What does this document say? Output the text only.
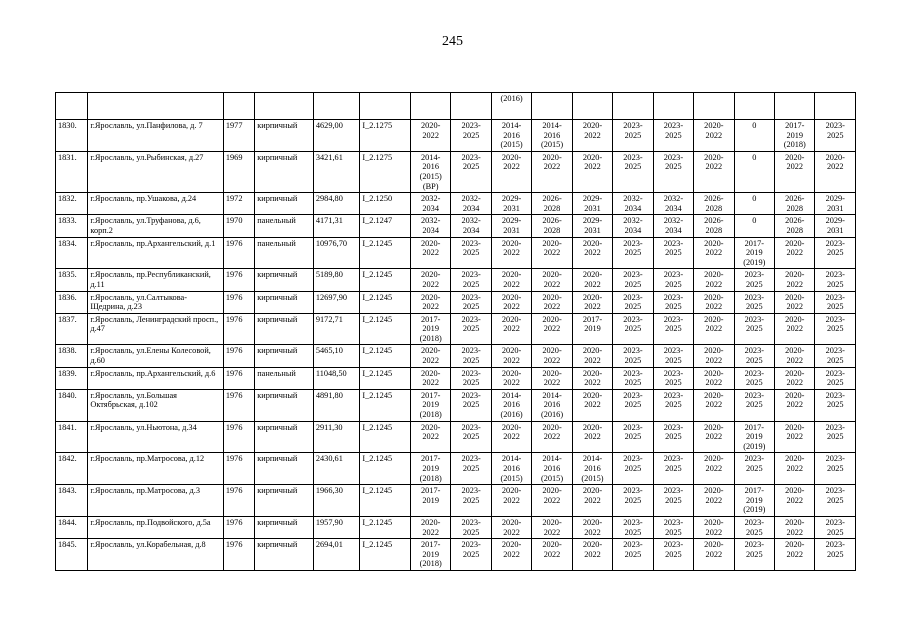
245
								(2016)								
1830.	г.Ярославль, ул.Панфилова, д. 7	1977	кирпичный	4629,00	I_2.1275	2020-
2022	2023-
2025	2014-
2016
(2015)	2014-
2016
(2015)	2020-
2022	2023-
2025	2023-
2025	2020-
2022	0	2017-
2019
(2018)	2023-
2025
1831.	г.Ярославль, ул.Рыбинская, д.27	1969	кирпичный	3421,61	I_2.1275	2014-
2016
(2015)
(ВР)	2023-
2025	2020-
2022	2020-
2022	2020-
2022	2023-
2025	2023-
2025	2020-
2022	0	2020-
2022	2020-
2022
1832.	г.Ярославль, пр.Ушакова, д.24	1972	кирпичный	2984,80	I_2.1250	2032-
2034	2032-
2034	2029-
2031	2026-
2028	2029-
2031	2032-
2034	2032-
2034	2026-
2028	0	2026-
2028	2029-
2031
1833.	г.Ярославль, ул.Труфанова, д.6, корп.2	1970	панельный	4171,31	I_2.1247	2032-
2034	2032-
2034	2029-
2031	2026-
2028	2029-
2031	2032-
2034	2032-
2034	2026-
2028	0	2026-
2028	2029-
2031
1834.	г.Ярославль, пр.Архангельский, д.1	1976	панельный	10976,70	I_2.1245	2020-
2022	2023-
2025	2020-
2022	2020-
2022	2020-
2022	2023-
2025	2023-
2025	2020-
2022	2017-
2019
(2019)	2020-
2022	2023-
2025
1835.	г.Ярославль, пр.Республиканский, д.11	1976	кирпичный	5189,80	I_2.1245	2020-
2022	2023-
2025	2020-
2022	2020-
2022	2020-
2022	2023-
2025	2023-
2025	2020-
2022	2023-
2025	2020-
2022	2023-
2025
1836.	г.Ярославль, ул.Салтыкова-Щедрина, д.23	1976	кирпичный	12697,90	I_2.1245	2020-
2022	2023-
2025	2020-
2022	2020-
2022	2020-
2022	2023-
2025	2023-
2025	2020-
2022	2023-
2025	2020-
2022	2023-
2025
1837.	г.Ярославль, Ленинградский просп., д.47	1976	кирпичный	9172,71	I_2.1245	2017-
2019
(2018)	2023-
2025	2020-
2022	2020-
2022	2017-
2019	2023-
2025	2023-
2025	2020-
2022	2023-
2025	2020-
2022	2023-
2025
1838.	г.Ярославль, ул.Елены Колесовой, д.60	1976	кирпичный	5465,10	I_2.1245	2020-
2022	2023-
2025	2020-
2022	2020-
2022	2020-
2022	2023-
2025	2023-
2025	2020-
2022	2023-
2025	2020-
2022	2023-
2025
1839.	г.Ярославль, пр.Архангельский, д.6	1976	панельный	11048,50	I_2.1245	2020-
2022	2023-
2025	2020-
2022	2020-
2022	2020-
2022	2023-
2025	2023-
2025	2020-
2022	2023-
2025	2020-
2022	2023-
2025
1840.	г.Ярославль, ул.Большая Октябрьская, д.102	1976	кирпичный	4891,80	I_2.1245	2017-
2019
(2018)	2023-
2025	2014-
2016
(2016)	2014-
2016
(2016)	2020-
2022	2023-
2025	2023-
2025	2020-
2022	2023-
2025	2020-
2022	2023-
2025
1841.	г.Ярославль, ул.Ньютона, д.34	1976	кирпичный	2911,30	I_2.1245	2020-
2022	2023-
2025	2020-
2022	2020-
2022	2020-
2022	2023-
2025	2023-
2025	2020-
2022	2017-
2019
(2019)	2020-
2022	2023-
2025
1842.	г.Ярославль, пр.Матросова, д.12	1976	кирпичный	2430,61	I_2.1245	2017-
2019
(2018)	2023-
2025	2014-
2016
(2015)	2014-
2016
(2015)	2014-
2016
(2015)	2023-
2025	2023-
2025	2020-
2022	2023-
2025	2020-
2022	2023-
2025
1843.	г.Ярославль, пр.Матросова, д.3	1976	кирпичный	1966,30	I_2.1245	2017-
2019	2023-
2025	2020-
2022	2020-
2022	2020-
2022	2023-
2025	2023-
2025	2020-
2022	2017-
2019
(2019)	2020-
2022	2023-
2025
1844.	г.Ярославль, пр.Подвойского, д.5а	1976	кирпичный	1957,90	I_2.1245	2020-
2022	2023-
2025	2020-
2022	2020-
2022	2020-
2022	2023-
2025	2023-
2025	2020-
2022	2023-
2025	2020-
2022	2023-
2025
1845.	г.Ярославль, ул.Корабельная, д.8	1976	кирпичный	2694,01	I_2.1245	2017-
2019
(2018)	2023-
2025	2020-
2022	2020-
2022	2020-
2022	2023-
2025	2023-
2025	2020-
2022	2023-
2025	2020-
2022	2023-
2025
